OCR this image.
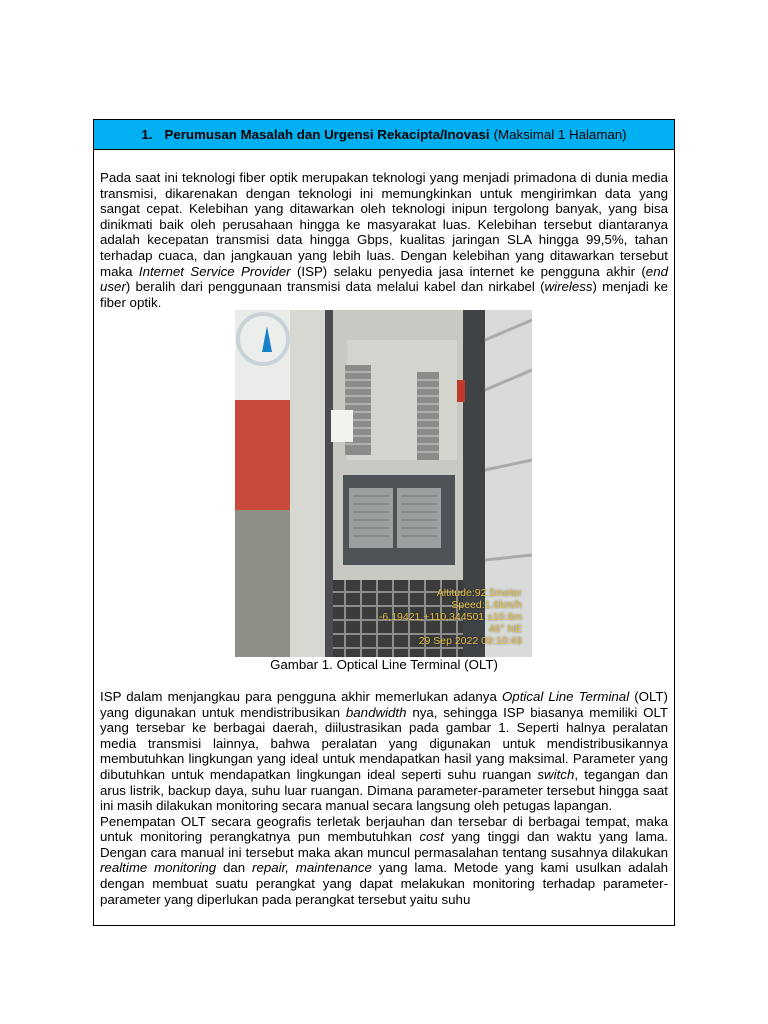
1. Perumusan Masalah dan Urgensi Rekacipta/Inovasi (Maksimal 1 Halaman)

Pada saat ini teknologi fiber optik merupakan teknologi yang menjadi primadona di dunia media transmisi, dikarenakan dengan teknologi ini memungkinkan untuk mengirimkan data yang sangat cepat. Kelebihan yang ditawarkan oleh teknologi inipun tergolong banyak, yang bisa dinikmati baik oleh perusahaan hingga ke masyarakat luas. Kelebihan tersebut diantaranya adalah kecepatan transmisi data hingga Gbps, kualitas jaringan SLA hingga 99,5%, tahan terhadap cuaca, dan jangkauan yang lebih luas. Dengan kelebihan yang ditawarkan tersebut maka Internet Service Provider (ISP) selaku penyedia jasa internet ke pengguna akhir (end user) beralih dari penggunaan transmisi data melalui kabel dan nirkabel (wireless) menjadi ke fiber optik.

Altitude:92.5meter
Speed:1.6km/h
-6,19421,+110,344501 ±10.6m
46° NE
29 Sep 2022 09:10:49
Gambar 1. Optical Line Terminal (OLT)

ISP dalam menjangkau para pengguna akhir memerlukan adanya Optical Line Terminal (OLT) yang digunakan untuk mendistribusikan bandwidth nya, sehingga ISP biasanya memiliki OLT yang tersebar ke berbagai daerah, diilustrasikan pada gambar 1. Seperti halnya peralatan media transmisi lainnya, bahwa peralatan yang digunakan untuk mendistribusikannya membutuhkan lingkungan yang ideal untuk mendapatkan hasil yang maksimal. Parameter yang dibutuhkan untuk mendapatkan lingkungan ideal seperti suhu ruangan switch, tegangan dan arus listrik, backup daya, suhu luar ruangan. Dimana parameter-parameter tersebut hingga saat ini masih dilakukan monitoring secara manual secara langsung oleh petugas lapangan.

Penempatan OLT secara geografis terletak berjauhan dan tersebar di berbagai tempat, maka untuk monitoring perangkatnya pun membutuhkan cost yang tinggi dan waktu yang lama. Dengan cara manual ini tersebut maka akan muncul permasalahan tentang susahnya dilakukan realtime monitoring dan repair, maintenance yang lama. Metode yang kami usulkan adalah dengan membuat suatu perangkat yang dapat melakukan monitoring terhadap parameter-parameter yang diperlukan pada perangkat tersebut yaitu suhu
